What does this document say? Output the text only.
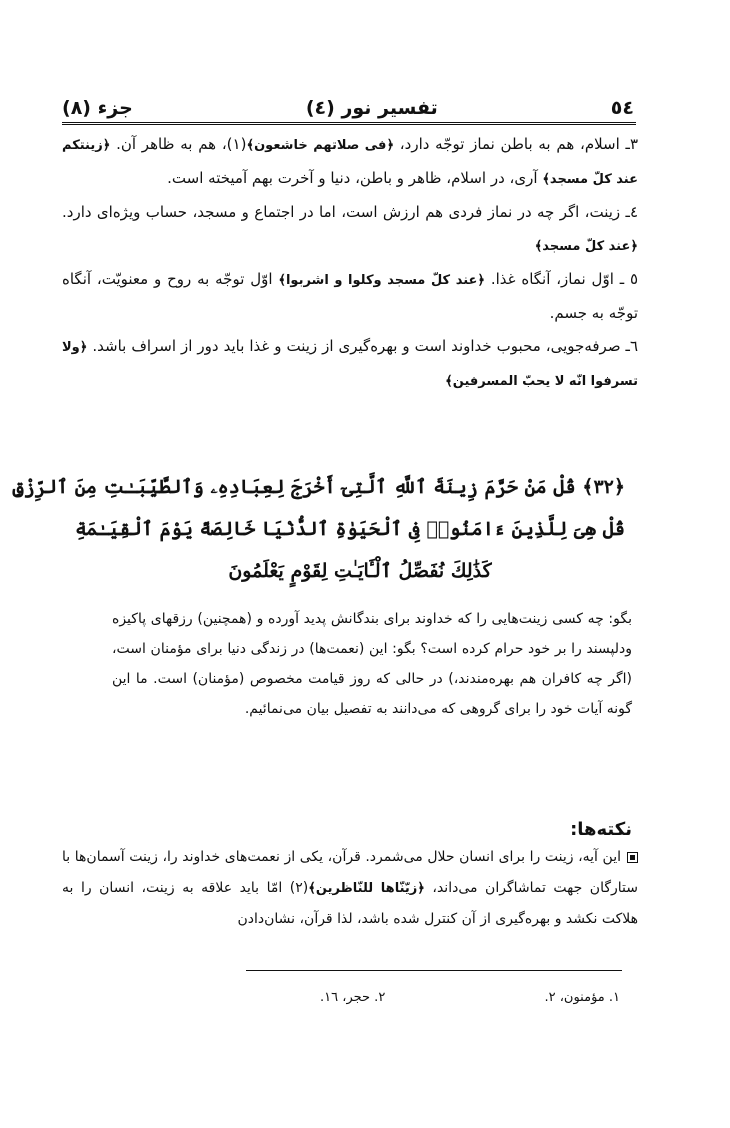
جزء (٨)	تفسیر نور (٤)	٥٤

٣ـ اسلام، هم به باطن نماز توجّه دارد، ﴿فی صلاتهم خاشعون﴾(١)، هم به ظاهر آن. ﴿زینتکم عند کلّ مسجد﴾ آری، در اسلام، ظاهر و باطن، دنیا و آخرت بهم آمیخته است.

٤ـ زینت، اگر چه در نماز فردی هم ارزش است، اما در اجتماع و مسجد، حساب ویژه‌ای دارد. ﴿عند کلّ مسجد﴾

٥ ـ اوّل نماز، آنگاه غذا. ﴿عند کلّ مسجد وکلوا و اشربوا﴾ اوّل توجّه به روح و معنویّت، آنگاه توجّه به جسم.

٦ـ صرفه‌جویی، محبوب خداوند است و بهره‌گیری از زینت و غذا باید دور از اسراف باشد. ﴿ولا تسرفوا انّه لا یحبّ المسرفین﴾

﴿٣٢﴾ قُلْ مَنْ حَرَّمَ زِينَةَ ٱللَّهِ ٱلَّتِىٓ أَخْرَجَ لِعِبَادِهِۦ وَٱلطَّيِّبَـٰتِ مِنَ ٱلرِّزْقِ

قُلْ هِىَ لِلَّذِينَ ءَامَنُوا۟ فِى ٱلْحَيَوٰةِ ٱلدُّنْيَا خَالِصَةً يَوْمَ ٱلْقِيَـٰمَةِ

كَذَٰلِكَ نُفَصِّلُ ٱلْـَٔايَـٰتِ لِقَوْمٍ يَعْلَمُونَ

بگو: چه کسی زینت‌هایی را که خداوند برای بندگانش پدید آورده و (همچنین) رزقهای پاکیزه ودلپسند را بر خود حرام کرده است؟ بگو: این (نعمت‌ها) در زندگی دنیا برای مؤمنان است، (اگر چه کافران هم بهره‌مندند،) در حالی که روز قیامت مخصوص (مؤمنان) است. ما این گونه آیات خود را برای گروهی که می‌دانند به تفصیل بیان می‌نمائیم.

نکته‌ها:

این آیه، زینت را برای انسان حلال می‌شمرد. قرآن، یکی از نعمت‌های خداوند را، زینت آسمان‌ها با ستارگان جهت تماشاگران می‌داند، ﴿زیّنّاها للنّاظرین﴾(٢) امّا باید علاقه به زینت، انسان را به هلاکت نکشد و بهره‌گیری از آن کنترل شده باشد، لذا قرآن، نشان‌دادن

١. مؤمنون، ٢.
٢. حجر، ١٦.
